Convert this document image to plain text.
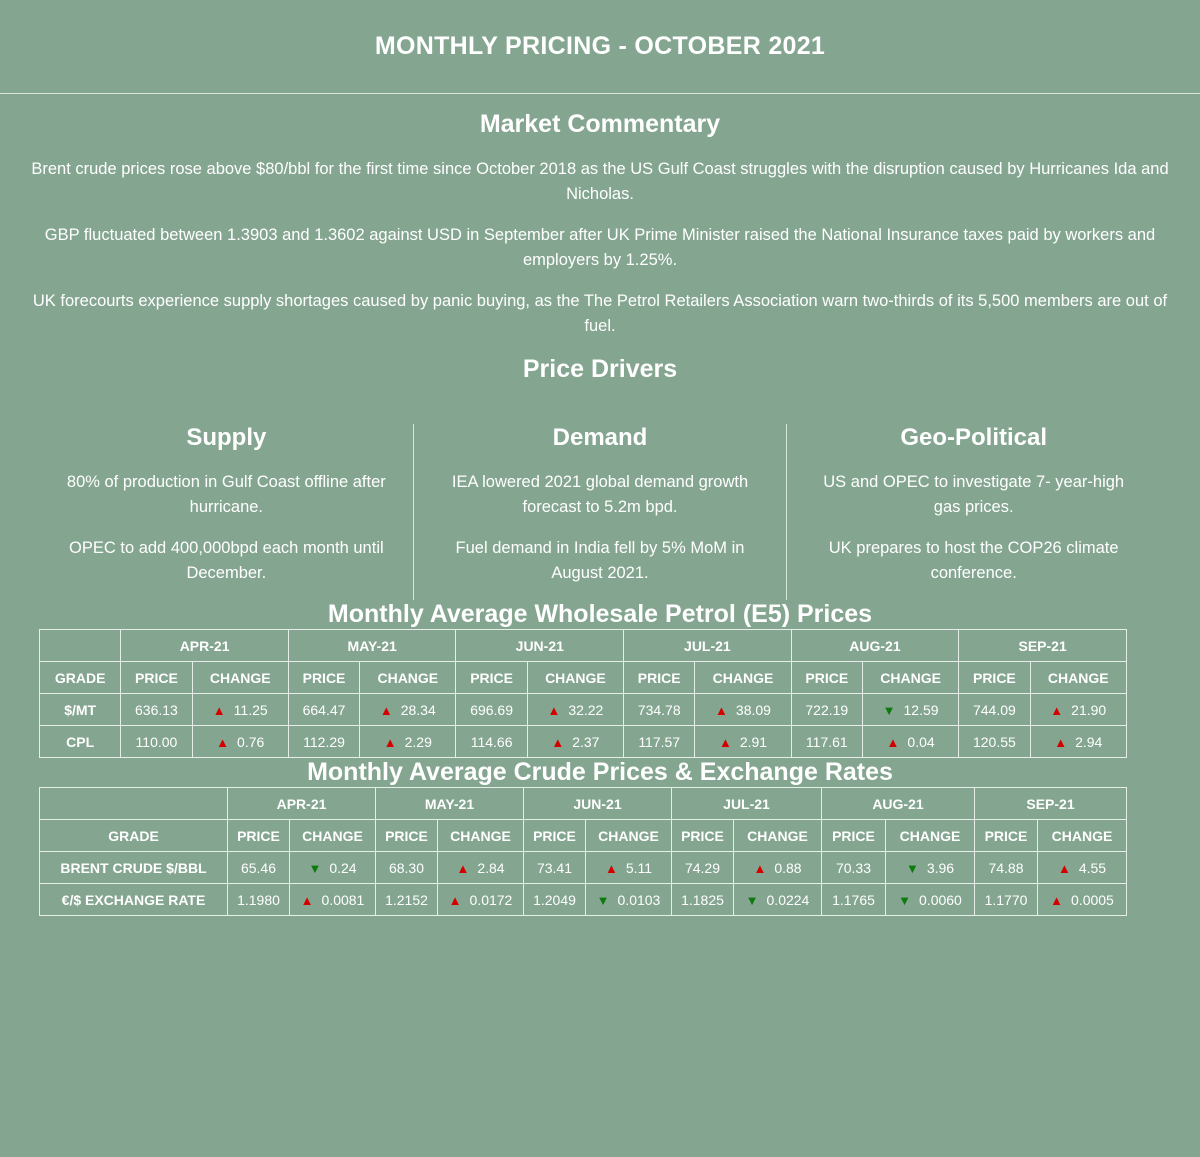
MONTHLY PRICING - OCTOBER 2021
Market Commentary

Brent crude prices rose above $80/bbl for the first time since October 2018 as the US Gulf Coast struggles with the disruption caused by Hurricanes Ida and Nicholas.

GBP fluctuated between 1.3903 and 1.3602 against USD in September after UK Prime Minister raised the National Insurance taxes paid by workers and employers by 1.25%.

UK forecourts experience supply shortages caused by panic buying, as the The Petrol Retailers Association warn two-thirds of its 5,500 members are out of fuel.

Price Drivers
Supply

80% of production in Gulf Coast offline after hurricane.

OPEC to add 400,000bpd each month until December.

Demand

IEA lowered 2021 global demand growth forecast to 5.2m bpd.

Fuel demand in India fell by 5% MoM in August 2021.

Geo-Political

US and OPEC to investigate 7- year-high gas prices.

UK prepares to host the COP26 climate conference.

Monthly Average Wholesale Petrol (E5) Prices
	APR-21		MAY-21		JUN-21		JUL-21		AUG-21		SEP-21	
GRADE	PRICE	CHANGE	PRICE	CHANGE	PRICE	CHANGE	PRICE	CHANGE	PRICE	CHANGE	PRICE	CHANGE
$/MT	636.13	▲ 11.25	664.47	▲ 28.34	696.69	▲ 32.22	734.78	▲ 38.09	722.19	▼ 12.59	744.09	▲ 21.90
CPL	110.00	▲ 0.76	112.29	▲ 2.29	114.66	▲ 2.37	117.57	▲ 2.91	117.61	▲ 0.04	120.55	▲ 2.94
Monthly Average Crude Prices & Exchange Rates
	APR-21		MAY-21		JUN-21		JUL-21		AUG-21		SEP-21	
GRADE	PRICE	CHANGE	PRICE	CHANGE	PRICE	CHANGE	PRICE	CHANGE	PRICE	CHANGE	PRICE	CHANGE
BRENT CRUDE $/BBL	65.46	▼ 0.24	68.30	▲ 2.84	73.41	▲ 5.11	74.29	▲ 0.88	70.33	▼ 3.96	74.88	▲ 4.55
€/$ EXCHANGE RATE	1.1980	▲ 0.0081	1.2152	▲ 0.0172	1.2049	▼ 0.0103	1.1825	▼ 0.0224	1.1765	▼ 0.0060	1.1770	▲ 0.0005
